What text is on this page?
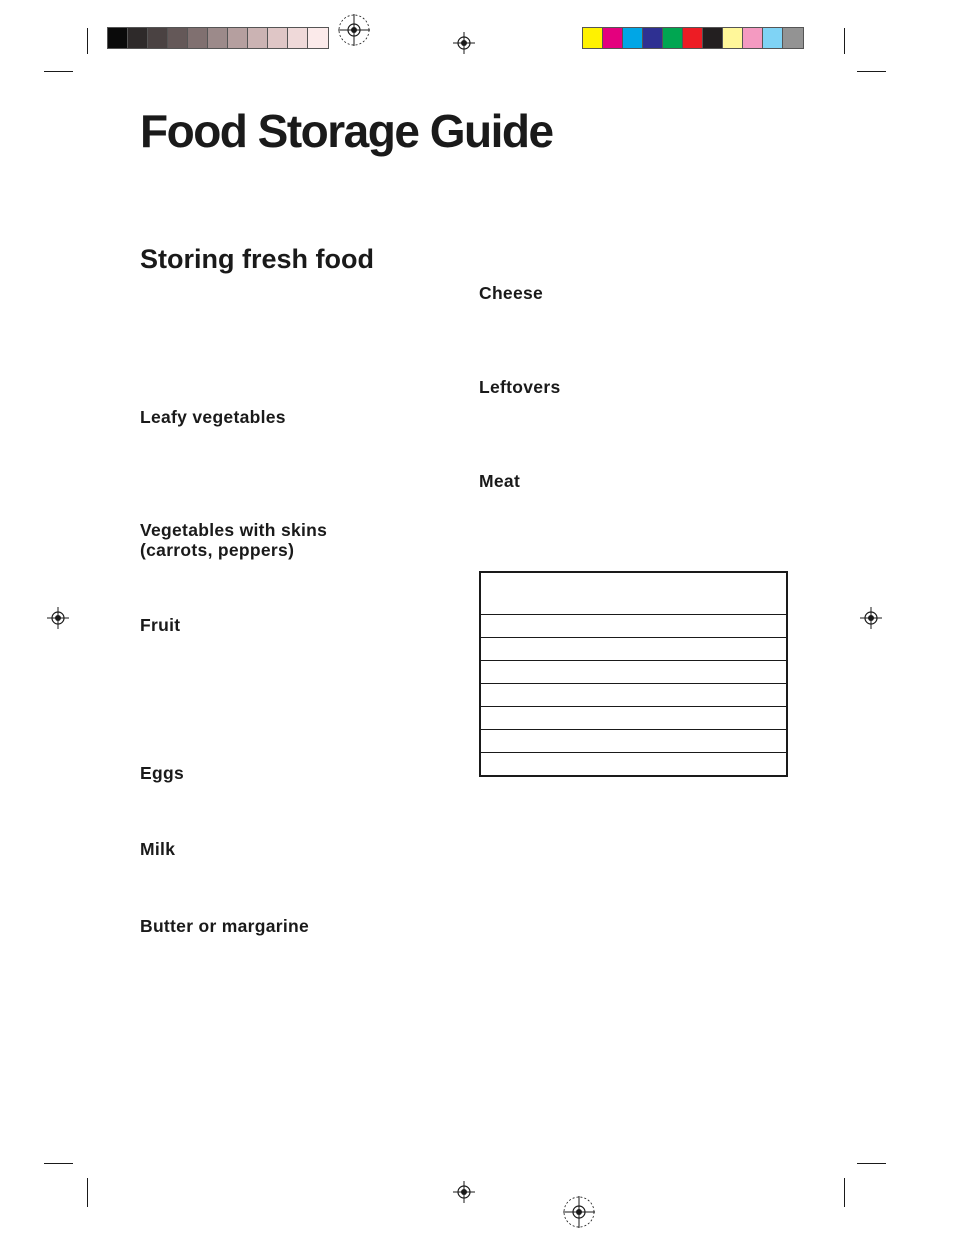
Food Storage Guide
Storing fresh food
Leafy vegetables
Vegetables with skins
(carrots, peppers)
Fruit
Eggs
Milk
Butter or margarine
Cheese
Leftovers
Meat
